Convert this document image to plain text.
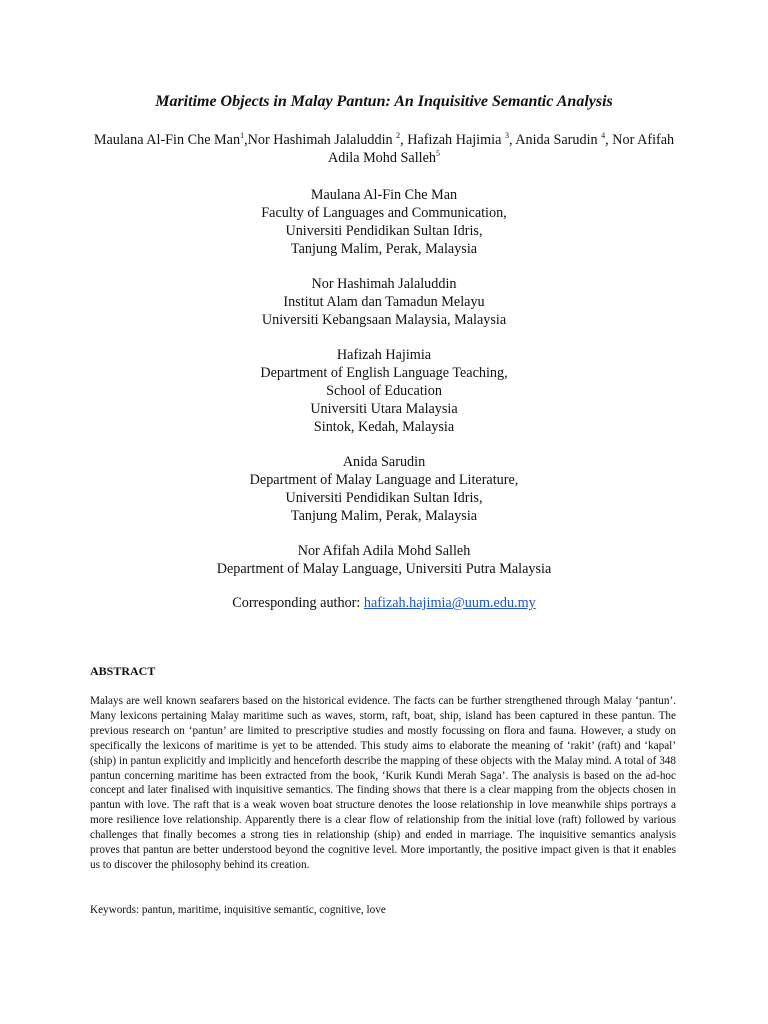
Maritime Objects in Malay Pantun: An Inquisitive Semantic Analysis
Maulana Al-Fin Che Man$^1$,Nor Hashimah Jalaluddin $^2$, Hafizah Hajimia $^3$, Anida Sarudin $^4$, Nor Afifah Adila Mohd Salleh$^5$
Maulana Al-Fin Che Man
Faculty of Languages and Communication,
Universiti Pendidikan Sultan Idris,
Tanjung Malim, Perak, Malaysia
Nor Hashimah Jalaluddin
Institut Alam dan Tamadun Melayu
Universiti Kebangsaan Malaysia, Malaysia
Hafizah Hajimia
Department of English Language Teaching,
School of Education
Universiti Utara Malaysia
Sintok, Kedah, Malaysia
Anida Sarudin
Department of Malay Language and Literature,
Universiti Pendidikan Sultan Idris,
Tanjung Malim, Perak, Malaysia
Nor Afifah Adila Mohd Salleh
Department of Malay Language, Universiti Putra Malaysia
Corresponding author: hafizah.hajimia@uum.edu.my
ABSTRACT
Malays are well known seafarers based on the historical evidence. The facts can be further strengthened through Malay ‘pantun’. Many lexicons pertaining Malay maritime such as waves, storm, raft, boat, ship, island has been captured in these pantun. The previous research on ‘pantun’ are limited to prescriptive studies and mostly focussing on flora and fauna. However, a study on specifically the lexicons of maritime is yet to be attended. This study aims to elaborate the meaning of ‘rakit’ (raft) and ‘kapal’ (ship) in pantun explicitly and implicitly and henceforth describe the mapping of these objects with the Malay mind. A total of 348 pantun concerning maritime has been extracted from the book, ‘Kurik Kundi Merah Saga’. The analysis is based on the ad-hoc concept and later finalised with inquisitive semantics. The finding shows that there is a clear mapping from the objects chosen in pantun with love. The raft that is a weak woven boat structure denotes the loose relationship in love meanwhile ships portrays a more resilience love relationship. Apparently there is a clear flow of relationship from the initial love (raft) followed by various challenges that finally becomes a strong ties in relationship (ship) and ended in marriage. The inquisitive semantics analysis proves that pantun are better understood beyond the cognitive level. More importantly, the positive impact given is that it enables us to discover the philosophy behind its creation.
Keywords: pantun, maritime, inquisitive semantic, cognitive, love
